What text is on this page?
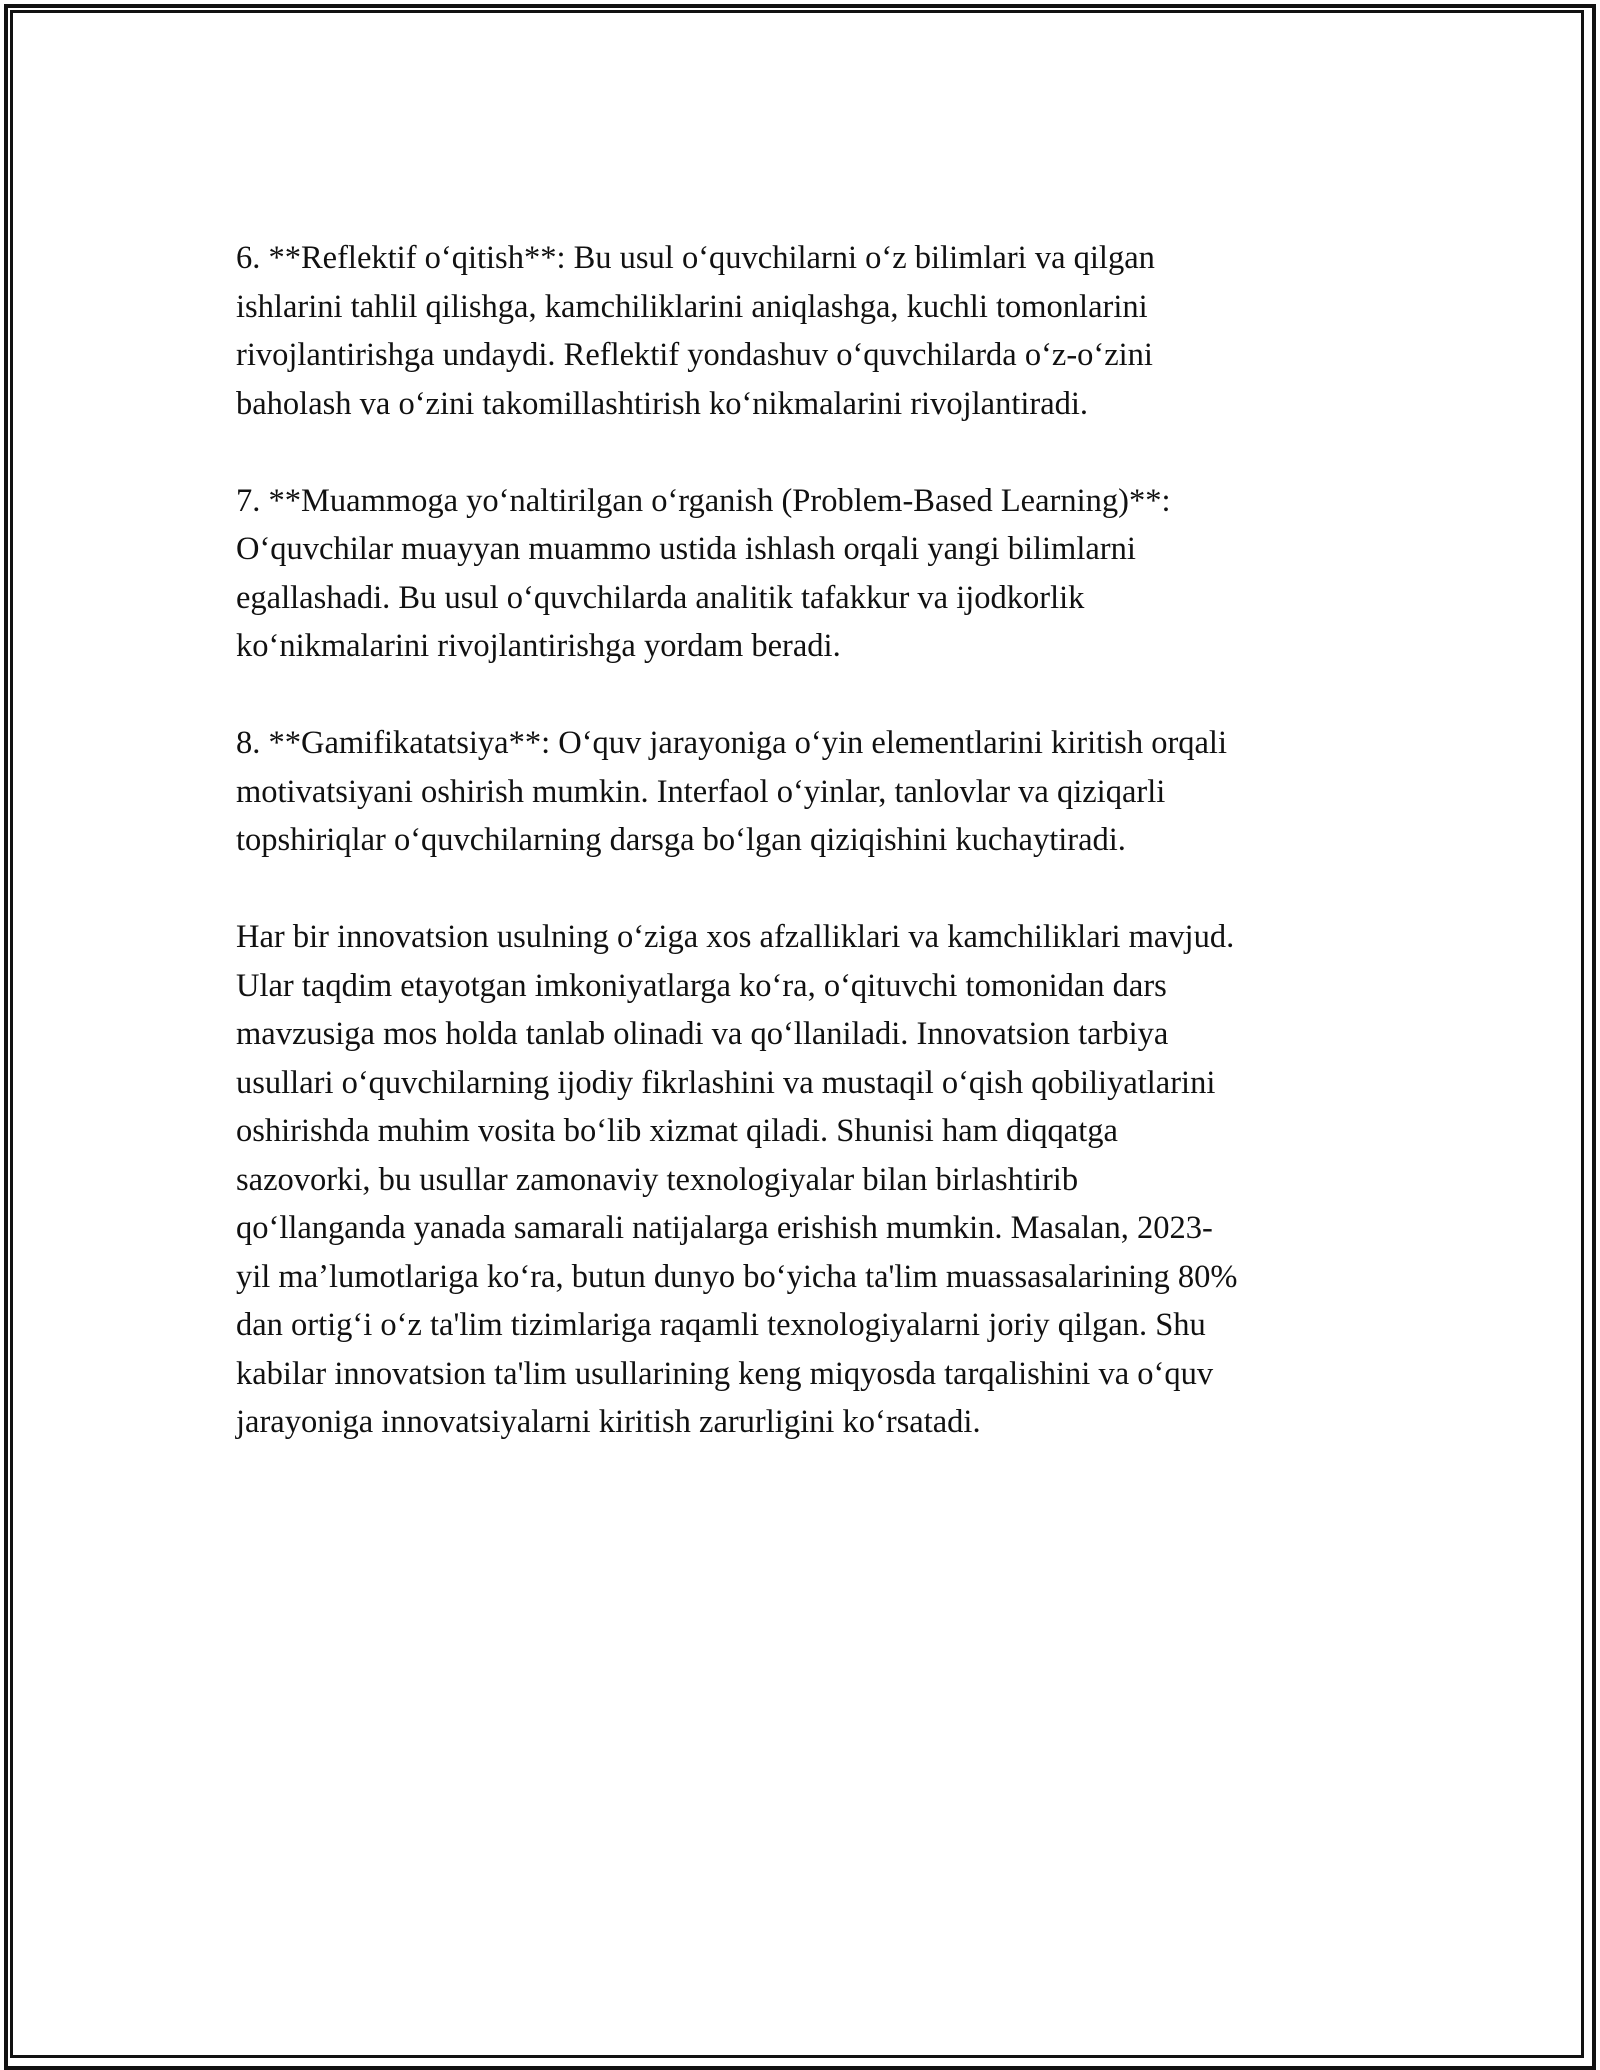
6. **Reflektif oʻqitish**: Bu usul oʻquvchilarni oʻz bilimlari va qilgan
ishlarini tahlil qilishga, kamchiliklarini aniqlashga, kuchli tomonlarini
rivojlantirishga undaydi. Reflektif yondashuv oʻquvchilarda oʻz-oʻzini
baholash va oʻzini takomillashtirish koʻnikmalarini rivojlantiradi.

7. **Muammoga yoʻnaltirilgan oʻrganish (Problem-Based Learning)**:
Oʻquvchilar muayyan muammo ustida ishlash orqali yangi bilimlarni
egallashadi. Bu usul oʻquvchilarda analitik tafakkur va ijodkorlik
koʻnikmalarini rivojlantirishga yordam beradi.

8. **Gamifikatatsiya**: Oʻquv jarayoniga oʻyin elementlarini kiritish orqali
motivatsiyani oshirish mumkin. Interfaol oʻyinlar, tanlovlar va qiziqarli
topshiriqlar oʻquvchilarning darsga boʻlgan qiziqishini kuchaytiradi.

Har bir innovatsion usulning oʻziga xos afzalliklari va kamchiliklari mavjud.
Ular taqdim etayotgan imkoniyatlarga koʻra, oʻqituvchi tomonidan dars
mavzusiga mos holda tanlab olinadi va qoʻllaniladi. Innovatsion tarbiya
usullari oʻquvchilarning ijodiy fikrlashini va mustaqil oʻqish qobiliyatlarini
oshirishda muhim vosita boʻlib xizmat qiladi. Shunisi ham diqqatga
sazovorki, bu usullar zamonaviy texnologiyalar bilan birlashtirib
qoʻllanganda yanada samarali natijalarga erishish mumkin. Masalan, 2023-
yil maʼlumotlariga koʻra, butun dunyo boʻyicha ta'lim muassasalarining 80%
dan ortigʻi oʻz ta'lim tizimlariga raqamli texnologiyalarni joriy qilgan. Shu
kabilar innovatsion ta'lim usullarining keng miqyosda tarqalishini va oʻquv
jarayoniga innovatsiyalarni kiritish zarurligini koʻrsatadi.
